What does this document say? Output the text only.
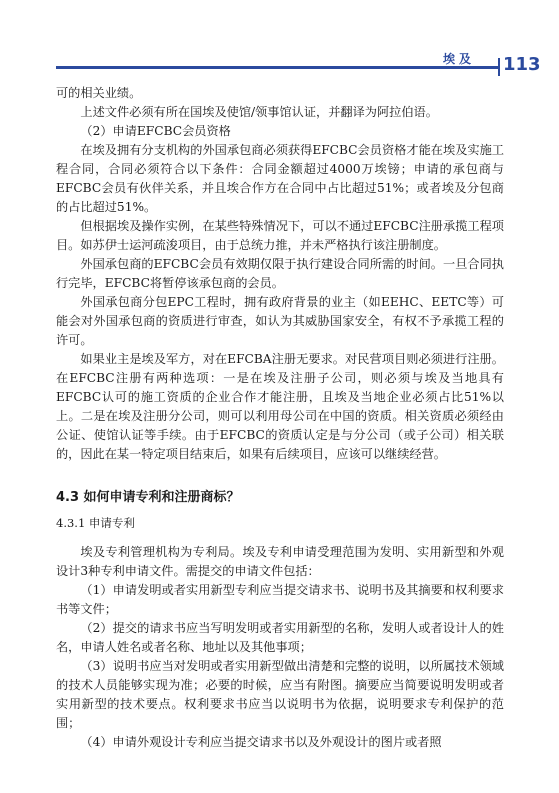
埃及 113

可的相关业绩。

上述文件必须有所在国埃及使馆/领事馆认证，并翻译为阿拉伯语。

（2）申请EFCBC会员资格

在埃及拥有分支机构的外国承包商必须获得EFCBC会员资格才能在埃及实施工程合同，合同必须符合以下条件：合同金额超过4000万埃镑；申请的承包商与EFCBC会员有伙伴关系，并且埃合作方在合同中占比超过51%；或者埃及分包商的占比超过51%。

但根据埃及操作实例，在某些特殊情况下，可以不通过EFCBC注册承揽工程项目。如苏伊士运河疏浚项目，由于总统力推，并未严格执行该注册制度。

外国承包商的EFCBC会员有效期仅限于执行建设合同所需的时间。一旦合同执行完毕，EFCBC将暂停该承包商的会员。

外国承包商分包EPC工程时，拥有政府背景的业主（如EEHC、EETC等）可能会对外国承包商的资质进行审查，如认为其威胁国家安全，有权不予承揽工程的许可。

如果业主是埃及军方，对在EFCBA注册无要求。对民营项目则必须进行注册。在EFCBC注册有两种选项：一是在埃及注册子公司，则必须与埃及当地具有EFCBC认可的施工资质的企业合作才能注册，且埃及当地企业必须占比51%以上。二是在埃及注册分公司，则可以利用母公司在中国的资质。相关资质必须经由公证、使馆认证等手续。由于EFCBC的资质认定是与分公司（或子公司）相关联的，因此在某一特定项目结束后，如果有后续项目，应该可以继续经营。

4.3 如何申请专利和注册商标？
4.3.1 申请专利

埃及专利管理机构为专利局。埃及专利申请受理范围为发明、实用新型和外观设计3种专利申请文件。需提交的申请文件包括：

（1）申请发明或者实用新型专利应当提交请求书、说明书及其摘要和权利要求书等文件；

（2）提交的请求书应当写明发明或者实用新型的名称，发明人或者设计人的姓名，申请人姓名或者名称、地址以及其他事项；

（3）说明书应当对发明或者实用新型做出清楚和完整的说明，以所属技术领域的技术人员能够实现为准；必要的时候，应当有附图。摘要应当简要说明发明或者实用新型的技术要点。权利要求书应当以说明书为依据，说明要求专利保护的范围；

（4）申请外观设计专利应当提交请求书以及外观设计的图片或者照
